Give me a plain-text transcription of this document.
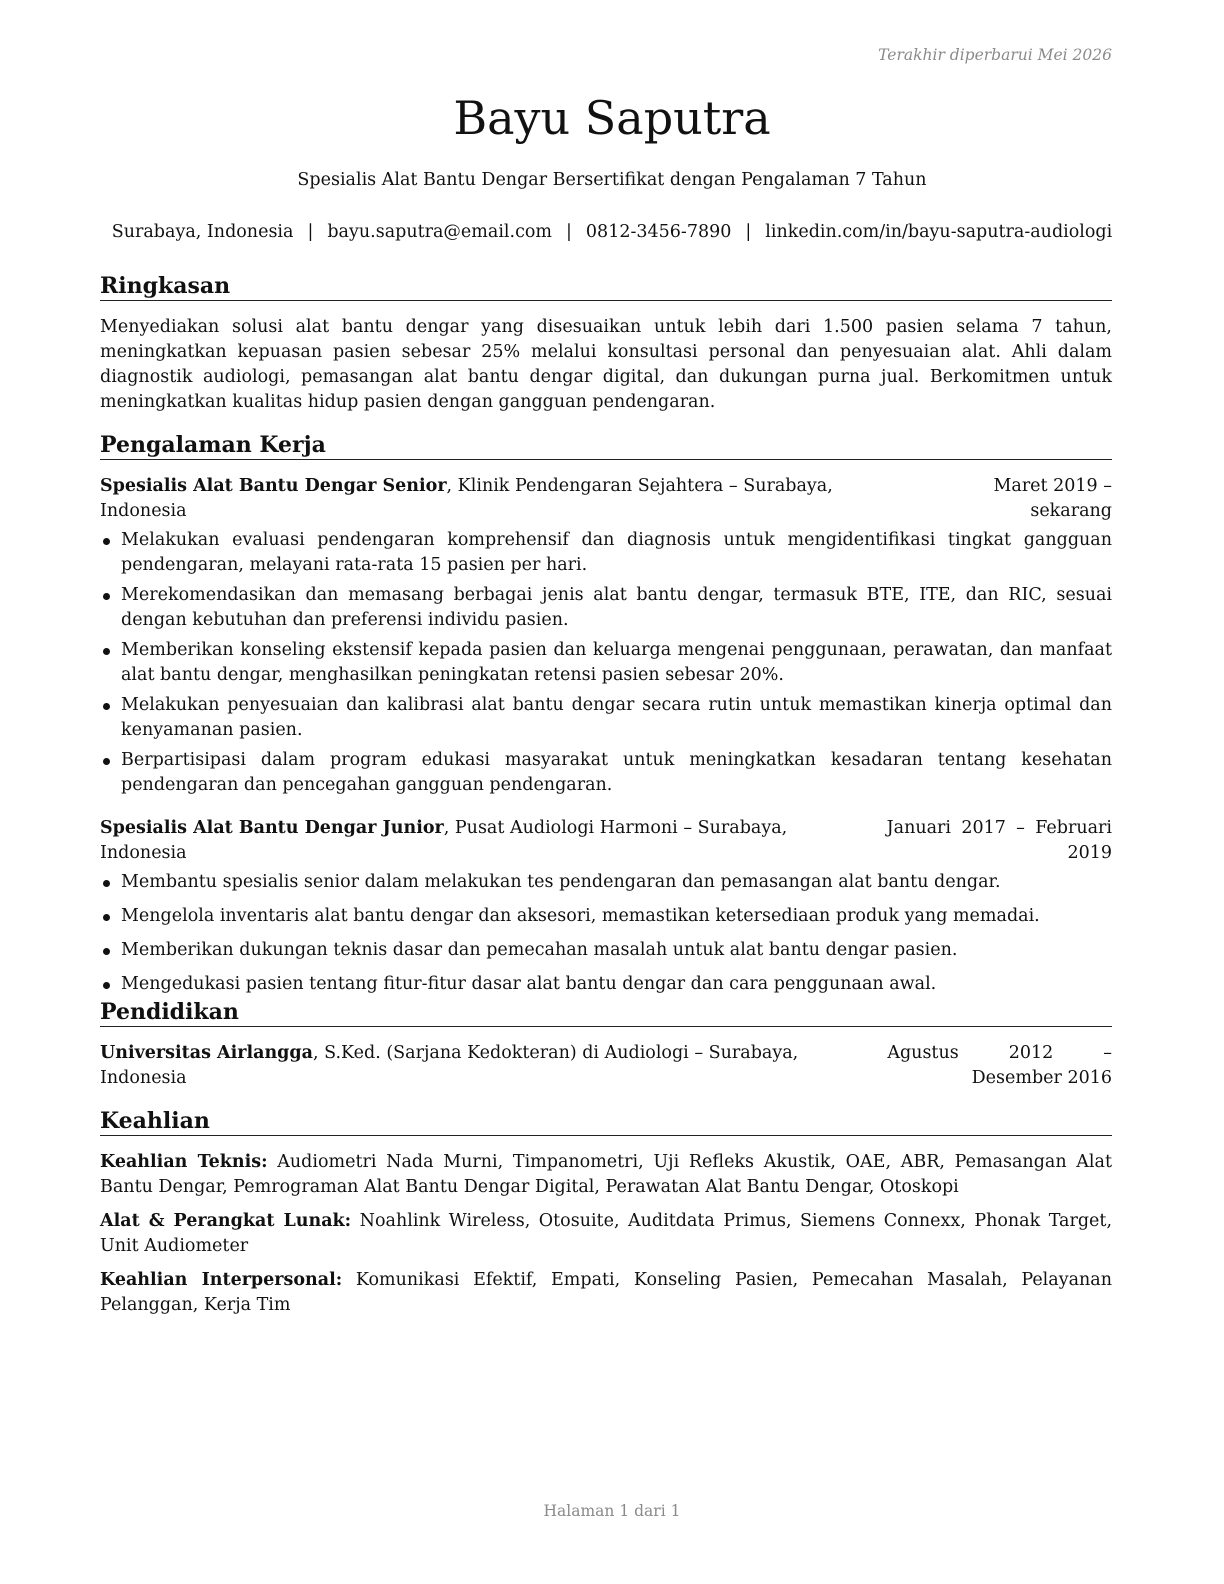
Terakhir diperbarui Mei 2026
Bayu Saputra
Spesialis Alat Bantu Dengar Bersertifikat dengan Pengalaman 7 Tahun
Surabaya, Indonesia | bayu.saputra@email.com | 0812-3456-7890 | linkedin.com/in/bayu-saputra-audiologi
Ringkasan
Menyediakan solusi alat bantu dengar yang disesuaikan untuk lebih dari 1.500 pasien selama 7 tahun, meningkatkan kepuasan pasien sebesar 25% melalui konsultasi personal dan penyesuaian alat. Ahli dalam diagnostik audiologi, pemasangan alat bantu dengar digital, dan dukungan purna jual. Berkomitmen untuk meningkatkan kualitas hidup pasien dengan gangguan pendengaran.
Pengalaman Kerja
Spesialis Alat Bantu Dengar Senior, Klinik Pendengaran Sejahtera – Surabaya, Indonesia
Maret 2019 – sekarang
Melakukan evaluasi pendengaran komprehensif dan diagnosis untuk mengidentifikasi tingkat gangguan pendengaran, melayani rata-rata 15 pasien per hari.
Merekomendasikan dan memasang berbagai jenis alat bantu dengar, termasuk BTE, ITE, dan RIC, sesuai dengan kebutuhan dan preferensi individu pasien.
Memberikan konseling ekstensif kepada pasien dan keluarga mengenai penggunaan, perawatan, dan manfaat alat bantu dengar, menghasilkan peningkatan retensi pasien sebesar 20%.
Melakukan penyesuaian dan kalibrasi alat bantu dengar secara rutin untuk memastikan kinerja optimal dan kenyamanan pasien.
Berpartisipasi dalam program edukasi masyarakat untuk meningkatkan kesadaran tentang kesehatan pendengaran dan pencegahan gangguan pendengaran.
Spesialis Alat Bantu Dengar Junior, Pusat Audiologi Harmoni – Surabaya, Indonesia
Januari 2017 – Februari 2019
Membantu spesialis senior dalam melakukan tes pendengaran dan pemasangan alat bantu dengar.
Mengelola inventaris alat bantu dengar dan aksesori, memastikan ketersediaan produk yang memadai.
Memberikan dukungan teknis dasar dan pemecahan masalah untuk alat bantu dengar pasien.
Mengedukasi pasien tentang fitur-fitur dasar alat bantu dengar dan cara penggunaan awal.
Pendidikan
Universitas Airlangga, S.Ked. (Sarjana Kedokteran) di Audiologi – Surabaya, Indonesia
Agustus 2012 – Desember 2016
Keahlian
Keahlian Teknis: Audiometri Nada Murni, Timpanometri, Uji Refleks Akustik, OAE, ABR, Pemasangan Alat Bantu Dengar, Pemrograman Alat Bantu Dengar Digital, Perawatan Alat Bantu Dengar, Otoskopi
Alat & Perangkat Lunak: Noahlink Wireless, Otosuite, Auditdata Primus, Siemens Connexx, Phonak Target, Unit Audiometer
Keahlian Interpersonal: Komunikasi Efektif, Empati, Konseling Pasien, Pemecahan Masalah, Pelayanan Pelanggan, Kerja Tim
Halaman 1 dari 1
